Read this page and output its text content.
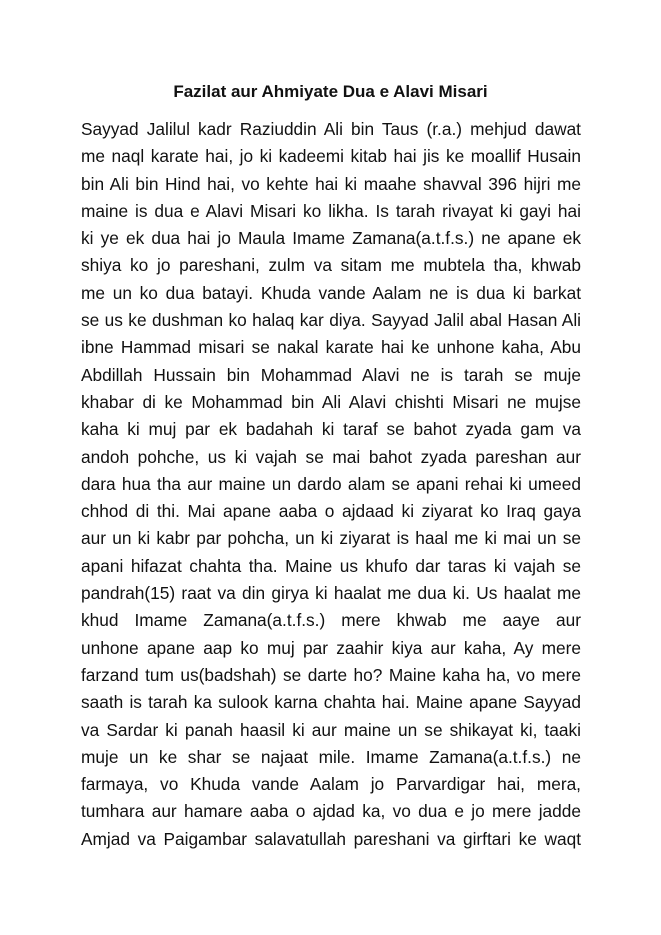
Fazilat aur Ahmiyate Dua e Alavi Misari
Sayyad Jalilul kadr Raziuddin Ali bin Taus (r.a.) mehjud dawat
me naql karate hai, jo ki kadeemi kitab hai jis ke moallif Husain
bin Ali bin Hind hai, vo kehte hai ki maahe shavval 396 hijri me
maine is dua e Alavi Misari ko likha. Is tarah rivayat ki gayi hai
ki ye ek dua hai jo Maula Imame Zamana(a.t.f.s.) ne apane ek
shiya ko jo pareshani, zulm va sitam me mubtela tha, khwab
me un ko dua batayi. Khuda vande Aalam ne is dua ki barkat
se us ke dushman ko halaq kar diya. Sayyad Jalil abal Hasan Ali
ibne Hammad misari se nakal karate hai ke unhone kaha, Abu
Abdillah Hussain bin Mohammad Alavi ne is tarah se muje
khabar di ke Mohammad bin Ali Alavi chishti Misari ne mujse
kaha ki muj par ek badahah ki taraf se bahot zyada gam va
andoh pohche, us ki vajah se mai bahot zyada pareshan aur
dara hua tha aur maine un dardo alam se apani rehai ki umeed
chhod di thi. Mai apane aaba o ajdaad ki ziyarat ko Iraq gaya
aur un ki kabr par pohcha, un ki ziyarat is haal me ki mai un se
apani hifazat chahta tha. Maine us khufo dar taras ki vajah se
pandrah(15) raat va din girya ki haalat me dua ki. Us haalat me
khud Imame Zamana(a.t.f.s.) mere khwab me aaye aur
unhone apane aap ko muj par zaahir kiya aur kaha, Ay mere
farzand tum us(badshah) se darte ho? Maine kaha ha, vo mere
saath is tarah ka sulook karna chahta hai. Maine apane Sayyad
va Sardar ki panah haasil ki aur maine un se shikayat ki, taaki
muje un ke shar se najaat mile. Imame Zamana(a.t.f.s.) ne
farmaya, vo Khuda vande Aalam jo Parvardigar hai, mera,
tumhara aur hamare aaba o ajdad ka, vo dua e jo mere jadde
Amjad va Paigambar salavatullah pareshani va girftari ke waqt
